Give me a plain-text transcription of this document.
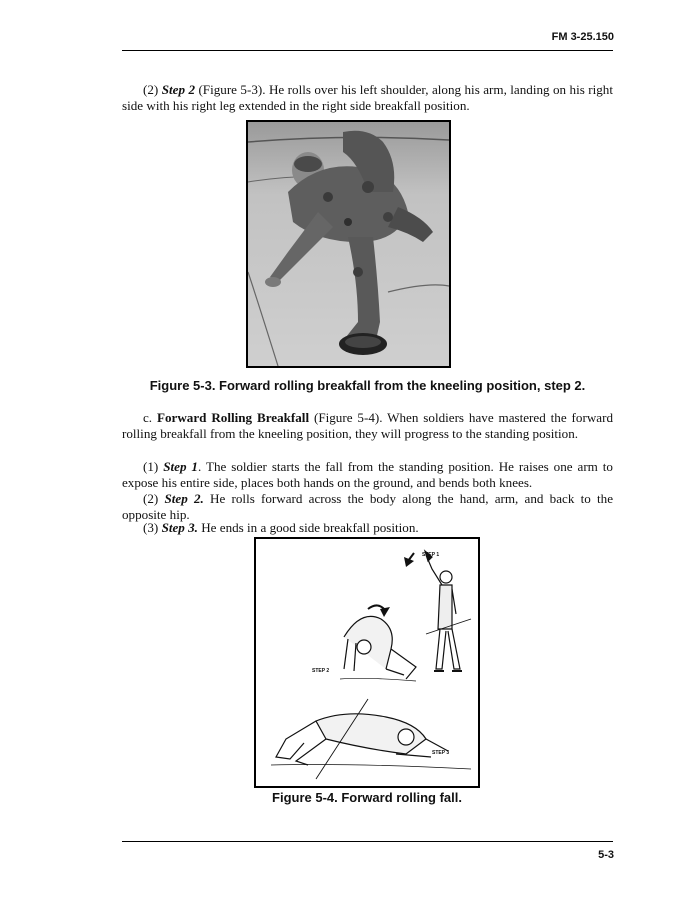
FM 3-25.150

(2) Step 2 (Figure 5-3). He rolls over his left shoulder, along his arm, landing on his right side with his right leg extended in the right side breakfall position.

Figure 5-3. Forward rolling breakfall from the kneeling position, step 2.

c. Forward Rolling Breakfall (Figure 5-4). When soldiers have mastered the forward rolling breakfall from the kneeling position, they will progress to the standing position.

(1) Step 1. The soldier starts the fall from the standing position. He raises one arm to expose his entire side, places both hands on the ground, and bends both knees.

(2) Step 2. He rolls forward across the body along the hand, arm, and back to the opposite hip.

(3) Step 3. He ends in a good side breakfall position.

STEP 1
STEP 2
STEP 3
Figure 5-4. Forward rolling fall.
5-3
